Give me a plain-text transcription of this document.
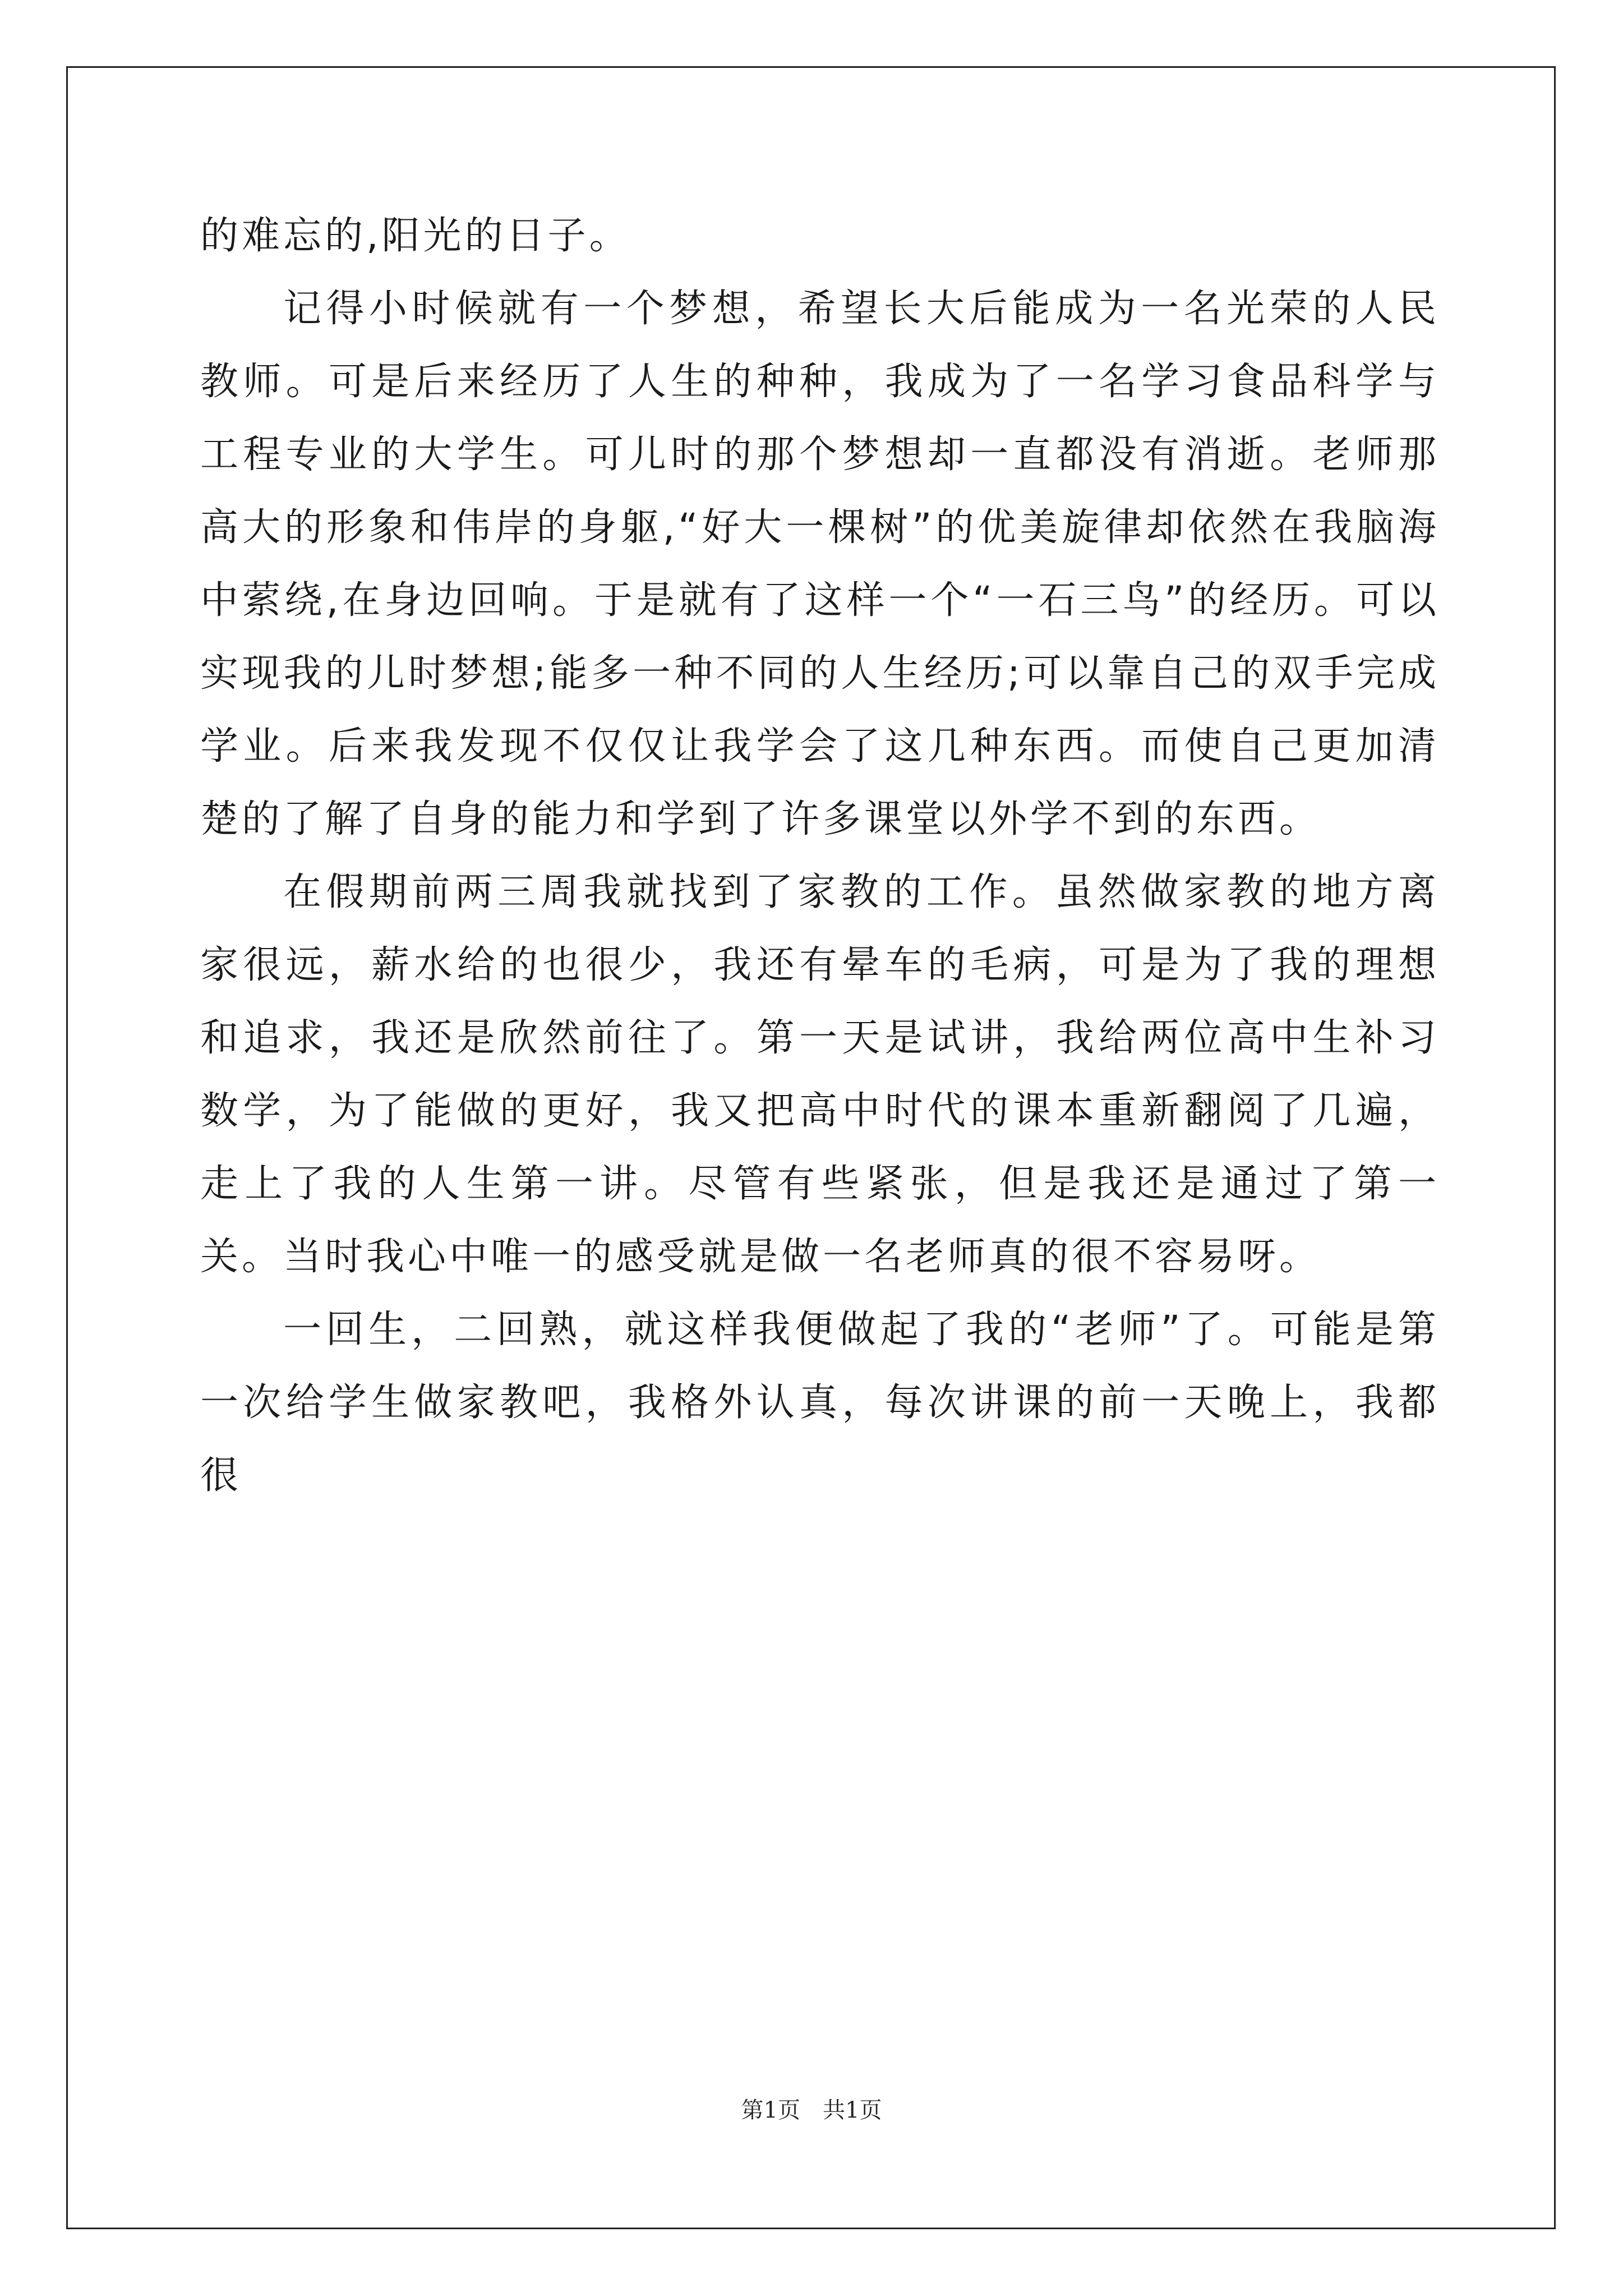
的难忘的,阳光的日子。

记得小时候就有一个梦想，希望长大后能成为一名光荣的人民教师。可是后来经历了人生的种种，我成为了一名学习食品科学与工程专业的大学生。可儿时的那个梦想却一直都没有消逝。老师那高大的形象和伟岸的身躯,“好大一棵树”的优美旋律却依然在我脑海中萦绕,在身边回响。于是就有了这样一个“一石三鸟”的经历。可以实现我的儿时梦想;能多一种不同的人生经历;可以靠自己的双手完成学业。后来我发现不仅仅让我学会了这几种东西。而使自己更加清楚的了解了自身的能力和学到了许多课堂以外学不到的东西。

在假期前两三周我就找到了家教的工作。虽然做家教的地方离家很远，薪水给的也很少，我还有晕车的毛病，可是为了我的理想和追求，我还是欣然前往了。第一天是试讲，我给两位高中生补习数学，为了能做的更好，我又把高中时代的课本重新翻阅了几遍，走上了我的人生第一讲。尽管有些紧张，但是我还是通过了第一关。当时我心中唯一的感受就是做一名老师真的很不容易呀。

一回生，二回熟，就这样我便做起了我的“老师”了。可能是第一次给学生做家教吧，我格外认真，每次讲课的前一天晚上，我都很

第1页　共1页
